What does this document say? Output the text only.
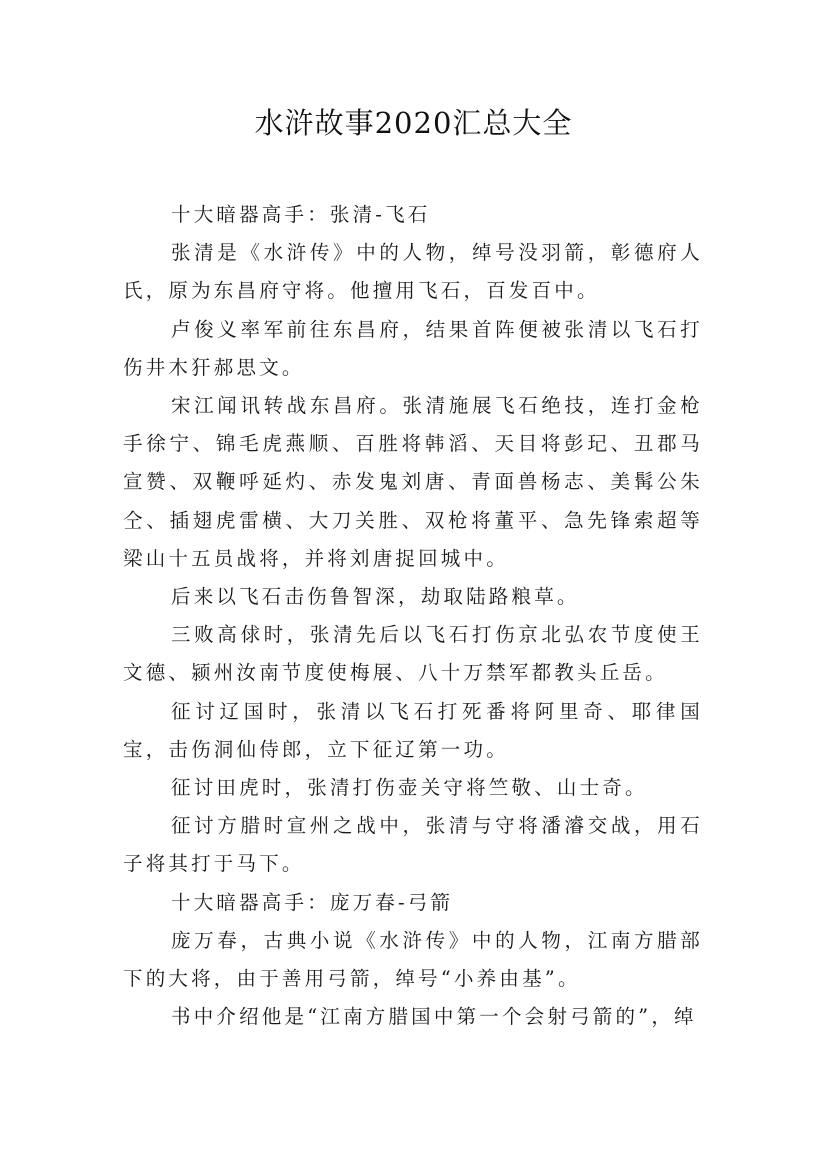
水浒故事2020汇总大全

十大暗器高手：张清-飞石

张清是《水浒传》中的人物，绰号没羽箭，彰德府人氏，原为东昌府守将。他擅用飞石，百发百中。

卢俊义率军前往东昌府，结果首阵便被张清以飞石打伤井木犴郝思文。

宋江闻讯转战东昌府。张清施展飞石绝技，连打金枪手徐宁、锦毛虎燕顺、百胜将韩滔、天目将彭玘、丑郡马宣赞、双鞭呼延灼、赤发鬼刘唐、青面兽杨志、美髯公朱仝、插翅虎雷横、大刀关胜、双枪将董平、急先锋索超等梁山十五员战将，并将刘唐捉回城中。

后来以飞石击伤鲁智深，劫取陆路粮草。

三败高俅时，张清先后以飞石打伤京北弘农节度使王文德、颍州汝南节度使梅展、八十万禁军都教头丘岳。

征讨辽国时，张清以飞石打死番将阿里奇、耶律国宝，击伤洞仙侍郎，立下征辽第一功。

征讨田虎时，张清打伤壶关守将竺敬、山士奇。

征讨方腊时宣州之战中，张清与守将潘濬交战，用石子将其打于马下。

十大暗器高手：庞万春-弓箭

庞万春，古典小说《水浒传》中的人物，江南方腊部下的大将，由于善用弓箭，绰号“小养由基”。

书中介绍他是“江南方腊国中第一个会射弓箭的”，绰
